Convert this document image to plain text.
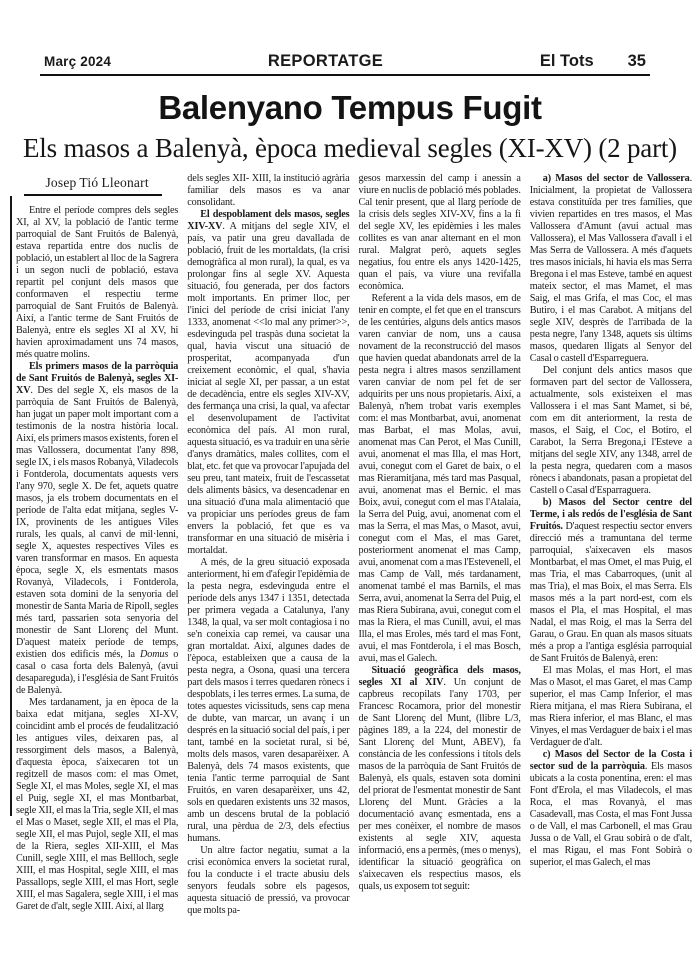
Març 2024	REPORTATGE	El Tots 35
Balenyano Tempus Fugit
Els masos a Balenyà, època medieval segles (XI-XV) (2 part)
Josep Tió Lleonart

Entre el període compres dels segles XI, al XV, la població de l'antic terme parroquial de Sant Fruitós de Balenyà, estava repartida entre dos nuclis de població, un establert al lloc de la Sagrera i un segon nucli de població, estava repartit pel conjunt dels masos que conformaven el respectiu terme parroquial de Sant Fruitós de Balenyà. Així, a l'antic terme de Sant Fruitós de Balenyà, entre els segles XI al XV, hi havien aproximadament uns 74 masos, més quatre molins.

Els primers masos de la parròquia de Sant Fruitós de Balenyà, segles XI-XV. Des del segle X, els masos de la parròquia de Sant Fruitós de Balenyà, han jugat un paper molt important com a testimonis de la nostra història local. Així, els primers masos existents, foren el mas Vallossera, documentat l'any 898, segle IX, i els masos Robanyà, Viladecols i Fontderola, documentats aquests vers l'any 970, segle X. De fet, aquets quatre masos, ja els trobem documentats en el període de l'alta edat mitjana, segles V-IX, provinents de les antigues Viles rurals, les quals, al canvi de mil·lenni, segle X, aquestes respectives Viles es varen transformar en masos. En aquesta època, segle X, els esmentats masos Rovanyà, Viladecols, i Fontderola, estaven sota domini de la senyoria del monestir de Santa Maria de Ripoll, segles més tard, passarien sota senyoria del monestir de Sant Llorenç del Munt. D'aquest mateix període de temps, existien dos edificis més, la Domus o casal o casa forta dels Balenyà, (avui desapareguda), i l'església de Sant Fruitós de Balenyà.

Mes tardanament, ja en època de la baixa edat mitjana, segles XI-XV, coincidint amb el procés de feudalització les antigues viles, deixaren pas, al ressorgiment dels masos, a Balenyà, d'aquesta època, s'aixecaren tot un regitzell de masos com: el mas Omet, Segle XI, el mas Moles, segle XI, el mas el Puig, segle XI, el mas Montbarbat, segle XII, el mas la Tria, segle XII, el mas el Mas o Maset, segle XII, el mas el Pla, segle XII, el mas Pujol, segle XII, el mas de la Riera, segles XII-XIII, el Mas Cunill, segle XIII, el mas Bellloch, segle XIII, el mas Hospital, segle XIII, el mas Passallops, segle XIII, el mas Hort, segle XIII, el mas Sagalera, segle XIII, i el mas Garet de d'alt, segle XIII. Així, al llarg

dels segles XII- XIII, la institució agrària familiar dels masos es va anar consolidant.

El despoblament dels masos, segles XIV-XV. A mitjans del segle XIV, el país, va patir una greu davallada de població, fruit de les mortaldats, (la crisi demogràfica al mon rural), la qual, es va prolongar fins al segle XV. Aquesta situació, fou generada, per dos factors molt importants. En primer lloc, per l'inici del període de crisi iniciat l'any 1333, anomenat <<lo mal any primer>>, esdevinguda pel traspàs duna societat la qual, havia viscut una situació de prosperitat, acompanyada d'un creixement econòmic, el qual, s'havia iniciat al segle XI, per passar, a un estat de decadència, entre els segles XIV-XV, des fermança una crisi, la qual, va afectar el desenvolupament de l'activitat econòmica del país. Al mon rural, aquesta situació, es va traduir en una sèrie d'anys dramàtics, males collites, com el blat, etc. fet que va provocar l'apujada del seu preu, tant mateix, fruit de l'escassetat dels aliments bàsics, va desencadenar en una situació d'una mala alimentació que va propiciar uns períodes greus de fam envers la població, fet que es va transformar en una situació de misèria i mortaldat.

A més, de la greu situació exposada anteriorment, hi em d'afegir l'epidèmia de la pesta negra, esdevinguda entre el període dels anys 1347 i 1351, detectada per primera vegada a Catalunya, l'any 1348, la qual, va ser molt contagiosa i no se'n coneixia cap remei, va causar una gran mortaldat. Així, algunes dades de l'època, estableixen que a causa de la pesta negra, a Osona, quasi una tercera part dels masos i terres quedaren rònecs i despoblats, i les terres ermes. La suma, de totes aquestes vicissituds, sens cap mena de dubte, van marcar, un avanç i un després en la situació social del país, i per tant, també en la societat rural, si bé, molts dels masos, varen desaparèixer. A Balenyà, dels 74 masos existents, que tenia l'antic terme parroquial de Sant Fruitós, en varen desaparèixer, uns 42, sols en quedaren existents uns 32 masos, amb un descens brutal de la població rural, una pèrdua de 2/3, dels efectius humans.

Un altre factor negatiu, sumat a la crisi econòmica envers la societat rural, fou la conducte i el tracte abusiu dels senyors feudals sobre els pagesos, aquesta situació de pressió, va provocar que molts pa-

gesos marxessin del camp i anessin a viure en nuclis de població més poblades. Cal tenir present, que al llarg període de la crisis dels segles XIV-XV, fins a la fi del segle XV, les epidèmies i les males collites es van anar alternant en el mon rural. Malgrat però, aquets segles negatius, fou entre els anys 1420-1425, quan el país, va viure una revifalla econòmica.

Referent a la vida dels masos, em de tenir en compte, el fet que en el transcurs de les centúries, alguns dels antics masos varen canviar de nom, uns a causa novament de la reconstrucció del masos que havien quedat abandonats arrel de la pesta negra i altres masos senzillament varen canviar de nom pel fet de ser adquirits per uns nous propietaris. Així, a Balenyà, n'hem trobat varis exemples com: el mas Montbarbat, avui, anomenat mas Barbat, el mas Molas, avui, anomenat mas Can Perot, el Mas Cunill, avui, anomenat el mas Illa, el mas Hort, avui, conegut com el Garet de baix, o el mas Rieramitjana, més tard mas Pasqual, avui, anomenat mas el Bernic. el mas Boix, avui, conegut com el mas l'Atalaia, la Serra del Puig, avui, anomenat com el mas la Serra, el mas Mas, o Masot, avui, conegut com el Mas, el mas Garet, posteriorment anomenat el mas Camp, avui, anomenat com a mas l'Estevenell, el mas Camp de Vall, més tardanament, anomenat també el mas Barnils, el mas Serra, avui, anomenat la Serra del Puig, el mas Riera Subirana, avui, conegut com el mas la Riera, el mas Cunill, avui, el mas Illa, el mas Eroles, més tard el mas Font, avui, el mas Fontderola, i el mas Bosch, avui, mas el Galech.

Situació geogràfica dels masos, segles XI al XIV. Un conjunt de capbreus recopilats l'any 1703, per Francesc Rocamora, prior del monestir de Sant Llorenç del Munt, (llibre L/3, pàgines 189, a la 224, del monestir de Sant Llorenç del Munt, ABEV), fa constància de les confessions i títols dels masos de la parròquia de Sant Fruitós de Balenyà, els quals, estaven sota domini del priorat de l'esmentat monestir de Sant Llorenç del Munt. Gràcies a la documentació avanç esmentada, ens a per mes conèixer, el nombre de masos existents al segle XIV, aquesta informació, ens a permès, (mes o menys), identificar la situació geogràfica on s'aixecaven els respectius masos, els quals, us exposem tot seguit:

a) Masos del sector de Vallossera. Inicialment, la propietat de Vallossera estava constituïda per tres famílies, que vivien repartides en tres masos, el Mas Vallossera d'Amunt (avui actual mas Vallossera), el Mas Vallossera d'avall i el Mas Serra de Vallossera. A més d'aquets tres masos inicials, hi havia els mas Serra Bregona i el mas Esteve, també en aquest mateix sector, el mas Mamet, el mas Saig, el mas Grifa, el mas Coc, el mas Butiro, i el mas Carabot. A mitjans del segle XIV, desprès de l'arribada de la pesta negre, l'any 1348, aquets sis últims masos, quedaren lligats al Senyor del Casal o castell d'Esparreguera.

Del conjunt dels antics masos que formaven part del sector de Vallossera, actualmente, sols existeixen el mas Vallossera i el mas Sant Mamet, si bé, com em dit anteriorment, la resta de masos, el Saig, el Coc, el Botiro, el Carabot, la Serra Bregona,i l'Esteve a mitjans del segle XIV, any 1348, arrel de la pesta negra, quedaren com a masos rònecs i abandonats, pasan a propietat del Castell o Casal d'Esparraguera.

b) Masos del Sector centre del Terme, i als redós de l'església de Sant Fruitós. D'aquest respectiu sector envers direcció més a tramuntana del terme parroquial, s'aixecaven els masos Montbarbat, el mas Omet, el mas Puig, el mas Tria, el mas Cabarroques, (unit al mas Tria), el mas Boix, el mas Serra. Els masos més a la part nord-est, com els masos el Pla, el mas Hospital, el mas Nadal, el mas Roig, el mas la Serra del Garau, o Grau. En quan als masos situats més a prop a l'antiga església parroquial de Sant Fruitós de Balenyà, eren:

El mas Molas, el mas Hort, el mas Mas o Masot, el mas Garet, el mas Camp superior, el mas Camp Inferior, el mas Riera mitjana, el mas Riera Subirana, el mas Riera inferior, el mas Blanc, el mas Vinyes, el mas Verdaguer de baix i el mas Verdaguer de d'alt.

c) Masos del Sector de la Costa i sector sud de la parròquia. Els masos ubicats a la costa ponentina, eren: el mas Font d'Erola, el mas Viladecols, el mas Roca, el mas Rovanyà, el mas Casadevall, mas Costa, el mas Font Jussa o de Vall, el mas Carbonell, el mas Grau Jussa o de Vall, el Grau sobirà o de d'alt, el mas Rigau, el mas Font Sobirà o superior, el mas Galech, el mas
